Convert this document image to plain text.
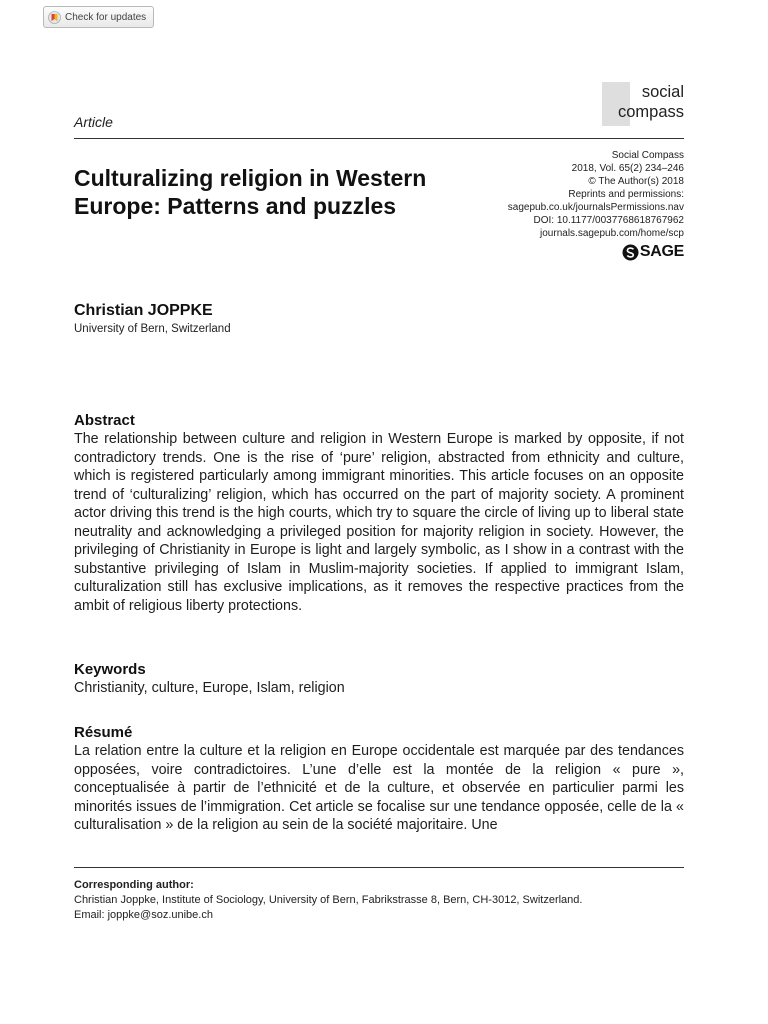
Check for updates
social
compass
Article
Culturalizing religion in Western Europe: Patterns and puzzles
Social Compass
2018, Vol. 65(2) 234–246
© The Author(s) 2018
Reprints and permissions:
sagepub.co.uk/journalsPermissions.nav
DOI: 10.1177/0037768618767962
journals.sagepub.com/home/scp
SAGE
Christian JOPPKE
University of Bern, Switzerland
Abstract

The relationship between culture and religion in Western Europe is marked by opposite, if not contradictory trends. One is the rise of ‘pure’ religion, abstracted from ethnicity and culture, which is registered particularly among immigrant minorities. This article focuses on an opposite trend of ‘culturalizing’ religion, which has occurred on the part of majority society. A prominent actor driving this trend is the high courts, which try to square the circle of living up to liberal state neutrality and acknowledging a privileged position for majority religion in society. However, the privileging of Christianity in Europe is light and largely symbolic, as I show in a contrast with the substantive privileging of Islam in Muslim-majority societies. If applied to immigrant Islam, culturalization still has exclusive implications, as it removes the respective practices from the ambit of religious liberty protections.

Keywords

Christianity, culture, Europe, Islam, religion

Résumé

La relation entre la culture et la religion en Europe occidentale est marquée par des tendances opposées, voire contradictoires. L’une d’elle est la montée de la religion « pure », conceptualisée à partir de l’ethnicité et de la culture, et observée en particulier parmi les minorités issues de l’immigration. Cet article se focalise sur une tendance opposée, celle de la « culturalisation » de la religion au sein de la société majoritaire. Une

Corresponding author:
Christian Joppke, Institute of Sociology, University of Bern, Fabrikstrasse 8, Bern, CH-3012, Switzerland.
Email: joppke@soz.unibe.ch
